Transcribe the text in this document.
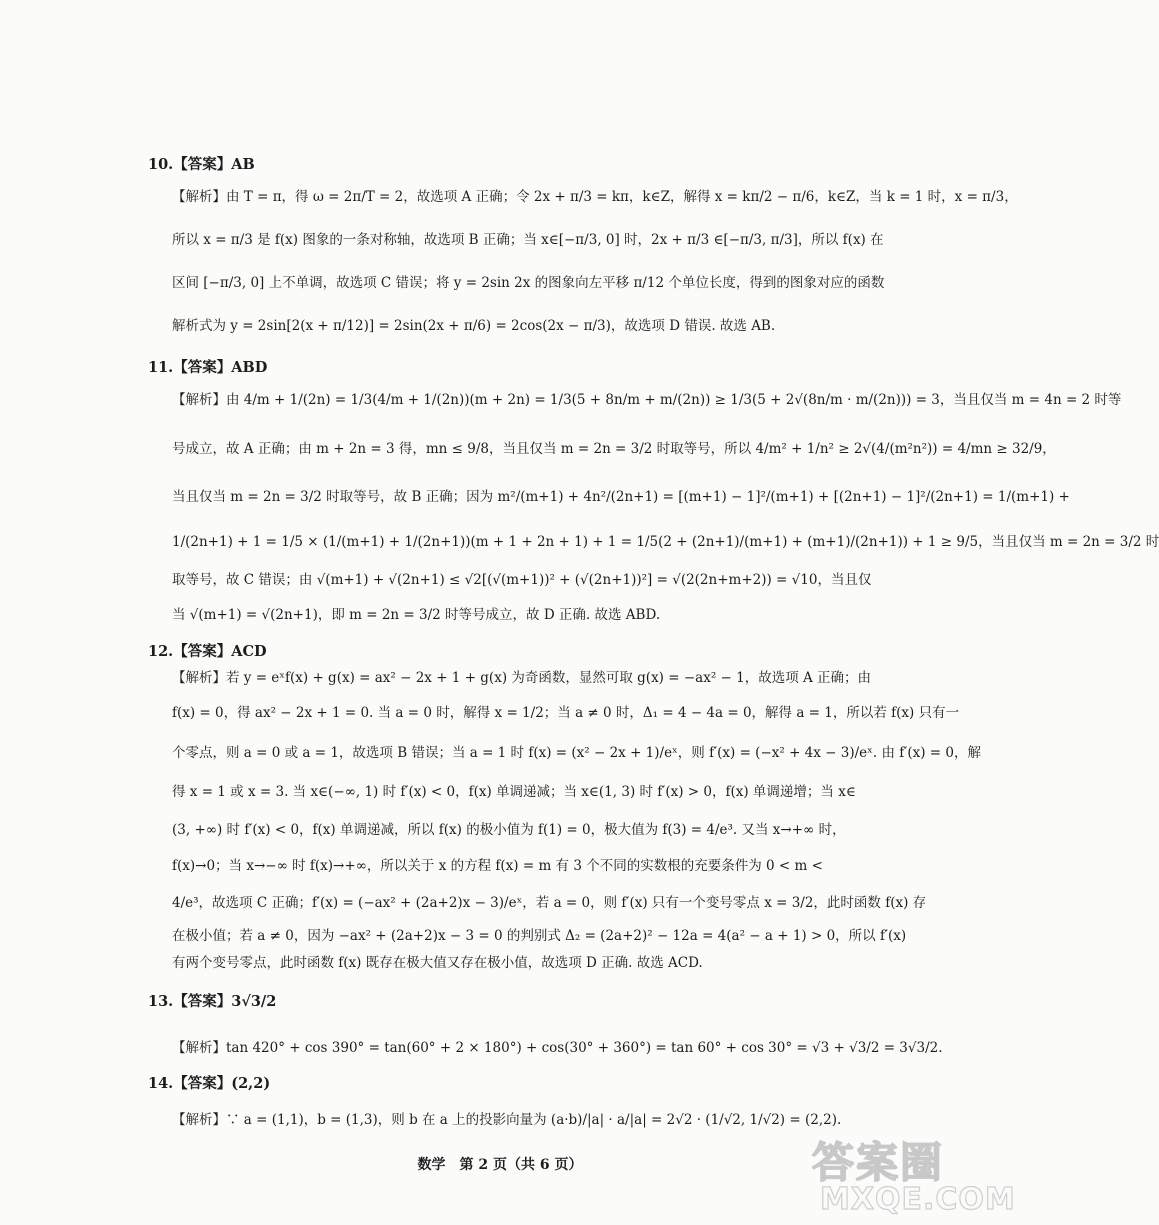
10.【答案】AB
【解析】由 T = π，得 ω = 2π/T = 2，故选项 A 正确；令 2x + π/3 = kπ，k∈Z，解得 x = kπ/2 − π/6，k∈Z，当 k = 1 时，x = π/3，
所以 x = π/3 是 f(x) 图象的一条对称轴，故选项 B 正确；当 x∈[−π/3, 0] 时，2x + π/3 ∈[−π/3, π/3]，所以 f(x) 在
区间 [−π/3, 0] 上不单调，故选项 C 错误；将 y = 2sin 2x 的图象向左平移 π/12 个单位长度，得到的图象对应的函数
解析式为 y = 2sin[2(x + π/12)] = 2sin(2x + π/6) = 2cos(2x − π/3)，故选项 D 错误. 故选 AB.
11.【答案】ABD
【解析】由 4/m + 1/(2n) = 1/3(4/m + 1/(2n))(m + 2n) = 1/3(5 + 8n/m + m/(2n)) ≥ 1/3(5 + 2√(8n/m · m/(2n))) = 3，当且仅当 m = 4n = 2 时等
号成立，故 A 正确；由 m + 2n = 3 得，mn ≤ 9/8，当且仅当 m = 2n = 3/2 时取等号，所以 4/m² + 1/n² ≥ 2√(4/(m²n²)) = 4/mn ≥ 32/9，
当且仅当 m = 2n = 3/2 时取等号，故 B 正确；因为 m²/(m+1) + 4n²/(2n+1) = [(m+1) − 1]²/(m+1) + [(2n+1) − 1]²/(2n+1) = 1/(m+1) +
1/(2n+1) + 1 = 1/5 × (1/(m+1) + 1/(2n+1))(m + 1 + 2n + 1) + 1 = 1/5(2 + (2n+1)/(m+1) + (m+1)/(2n+1)) + 1 ≥ 9/5，当且仅当 m = 2n = 3/2 时
取等号，故 C 错误；由 √(m+1) + √(2n+1) ≤ √2[(√(m+1))² + (√(2n+1))²] = √(2(2n+m+2)) = √10，当且仅
当 √(m+1) = √(2n+1)，即 m = 2n = 3/2 时等号成立，故 D 正确. 故选 ABD.
12.【答案】ACD
【解析】若 y = eˣf(x) + g(x) = ax² − 2x + 1 + g(x) 为奇函数，显然可取 g(x) = −ax² − 1，故选项 A 正确；由
f(x) = 0，得 ax² − 2x + 1 = 0. 当 a = 0 时，解得 x = 1/2；当 a ≠ 0 时，Δ₁ = 4 − 4a = 0，解得 a = 1，所以若 f(x) 只有一
个零点，则 a = 0 或 a = 1，故选项 B 错误；当 a = 1 时 f(x) = (x² − 2x + 1)/eˣ，则 f′(x) = (−x² + 4x − 3)/eˣ. 由 f′(x) = 0，解
得 x = 1 或 x = 3. 当 x∈(−∞, 1) 时 f′(x) < 0，f(x) 单调递减；当 x∈(1, 3) 时 f′(x) > 0，f(x) 单调递增；当 x∈
(3, +∞) 时 f′(x) < 0，f(x) 单调递减，所以 f(x) 的极小值为 f(1) = 0，极大值为 f(3) = 4/e³. 又当 x→+∞ 时，
f(x)→0；当 x→−∞ 时 f(x)→+∞，所以关于 x 的方程 f(x) = m 有 3 个不同的实数根的充要条件为 0 < m <
4/e³，故选项 C 正确；f′(x) = (−ax² + (2a+2)x − 3)/eˣ，若 a = 0，则 f′(x) 只有一个变号零点 x = 3/2，此时函数 f(x) 存
在极小值；若 a ≠ 0，因为 −ax² + (2a+2)x − 3 = 0 的判别式 Δ₂ = (2a+2)² − 12a = 4(a² − a + 1) > 0，所以 f′(x)
有两个变号零点，此时函数 f(x) 既存在极大值又存在极小值，故选项 D 正确. 故选 ACD.
13.【答案】3√3/2
【解析】tan 420° + cos 390° = tan(60° + 2 × 180°) + cos(30° + 360°) = tan 60° + cos 30° = √3 + √3/2 = 3√3/2.
14.【答案】(2,2)
【解析】∵ a = (1,1)，b = (1,3)，则 b 在 a 上的投影向量为 (a·b)/|a| · a/|a| = 2√2 · (1/√2, 1/√2) = (2,2).
数学　第 2 页（共 6 页）	答案圈
MXQE.COM
